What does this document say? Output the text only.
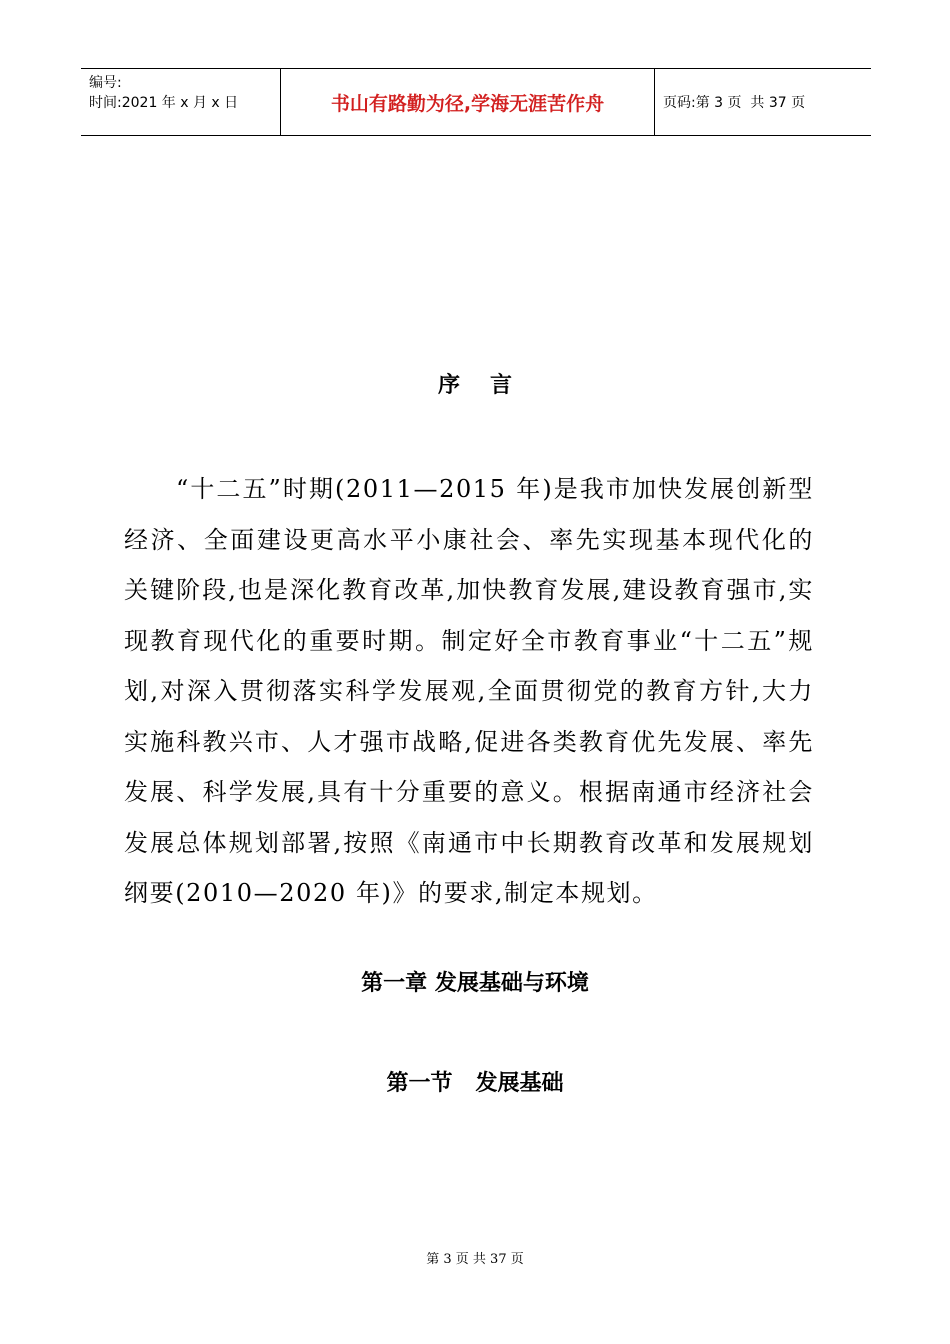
编号:
时间:2021 年 x 月 x 日	书山有路勤为径,学海无涯苦作舟	页码:第 3 页  共 37 页
序言

“十二五”时期(2011—2015 年)是我市加快发展创新型经济、全面建设更高水平小康社会、率先实现基本现代化的关键阶段,也是深化教育改革,加快教育发展,建设教育强市,实现教育现代化的重要时期。制定好全市教育事业“十二五”规划,对深入贯彻落实科学发展观,全面贯彻党的教育方针,大力实施科教兴市、人才强市战略,促进各类教育优先发展、率先发展、科学发展,具有十分重要的意义。根据南通市经济社会发展总体规划部署,按照《南通市中长期教育改革和发展规划纲要(2010—2020 年)》的要求,制定本规划。

第一章 发展基础与环境
第一节   发展基础
第 3 页 共 37 页
